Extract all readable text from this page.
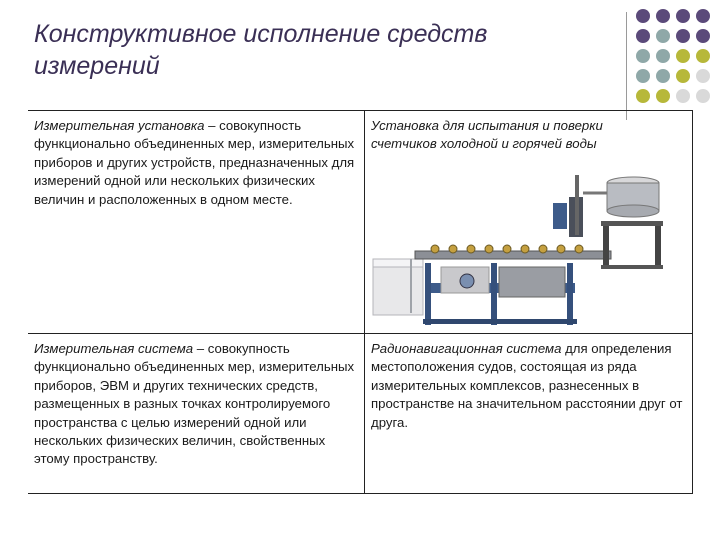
Конструктивное исполнение средств
измерений
Измерительная установка – совокупность функционально объединенных мер, измерительных приборов и других устройств, предназначенных для измерений одной или нескольких физических величин и расположенных в одном месте.
Установка для испытания и поверки
счетчиков холодной и горячей воды
Измерительная система – совокупность функционально объединенных мер, измерительных приборов, ЭВМ и других технических средств, размещенных в разных точках контролируемого пространства с целью измерений одной или нескольких физических величин, свойственных этому пространству.
Радионавигационная система для определения местоположения судов, состоящая из ряда измерительных комплексов, разнесенных в пространстве на значительном расстоянии друг от друга.
